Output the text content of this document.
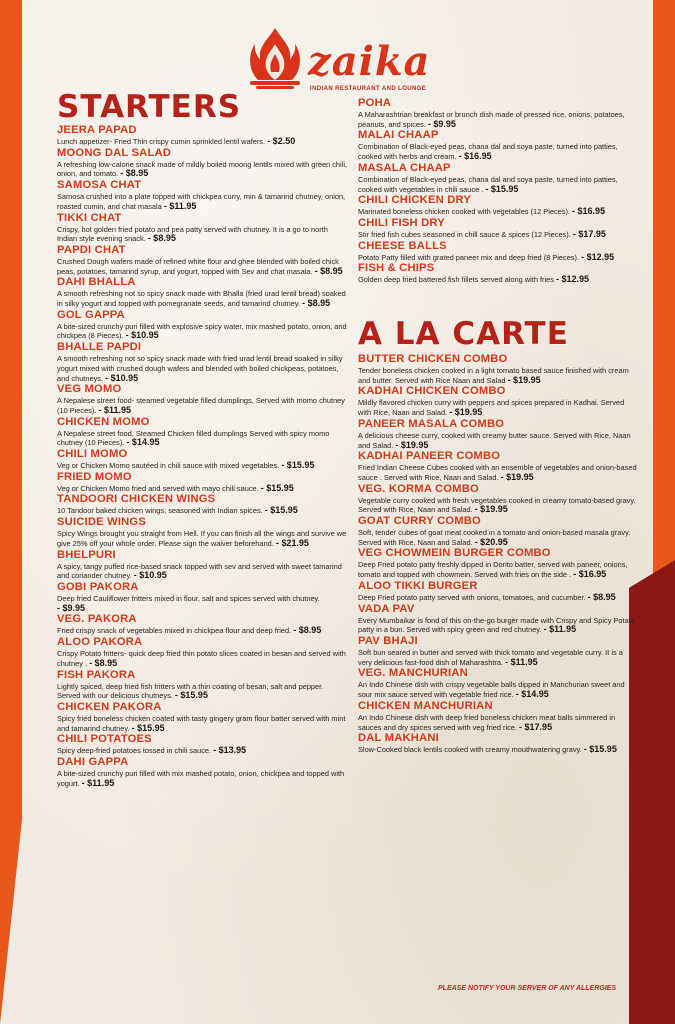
zaika
INDIAN RESTAURANT AND LOUNGE
STARTERS
JEERA PAPAD
Lunch appetizer- Fried Thin crispy cumin sprinkled lentil wafers. - $2.50
MOONG DAL SALAD
A refreshing low-calorie snack made of mildly boiled moong lentils mixed with green chili, onion, and tomato. - $8.95
SAMOSA CHAT
Samosa crushed into a plate topped with chickpea curry, min & tamarind chutney, onion, roasted cumin, and chat masala - $11.95
TIKKI CHAT
Crispy, hot golden fried potato and pea patty served with chutney. It is a go to north Indian style evening snack. - $8.95
PAPDI CHAT
Crushed Dough wafers made of refined white flour and ghee blended with boiled chick peas, potatoes, tamarind syrup, and yogurt, topped with Sev and chat masala. - $8.95
DAHI BHALLA
A smooth refreshing not so spicy snack made with Bhalla (fried urad lentil bread) soaked in silky yogurt and topped with pomegranate seeds, and tamarind chutney. - $8.95
GOL GAPPA
A bite-sized crunchy puri filled with explosive spicy water, mix mashed potato, onion, and chickpea (8 Pieces). - $10.95
BHALLE PAPDI
A smooth refreshing not so spicy snack made with fried urad lentil bread soaked in silky yogurt mixed with crushed dough wafers and blended with boiled chickpeas, potatoes, and chutneys. - $10.95
VEG MOMO
A Nepalese street food- steamed vegetable filled dumplings, Served with momo chutney (10 Pieces). - $11.95
CHICKEN MOMO
A Nepalese street food, Steamed Chicken filled dumplings Served with spicy momo chutney (10 Pieces). - $14.95
CHILI MOMO
Veg or Chicken Momo sautéed in chili sauce with mixed vegetables. - $15.95
FRIED MOMO
Veg or Chicken Momo fried and served with mayo chili sauce. - $15.95
TANDOORI CHICKEN WINGS
10 Tandoor baked chicken wings, seasoned with Indian spices. - $15.95
SUICIDE WINGS
Spicy Wings brought you straight from Hell. If you can finish all the wings and survive we give 25% off your whole order. Please sign the waiver beforehand. - $21.95
BHELPURI
A spicy, tangy puffed rice-based snack topped with sev and served with sweet tamarind and coriander chutney. - $10.95
GOBI PAKORA
Deep fried Cauliflower fritters mixed in flour, salt and spices served with chutney. - $9.95
VEG. PAKORA
Fried crispy snack of vegetables mixed in chickpea flour and deep fried. - $8.95
ALOO PAKORA
Crispy Potato fritters- quick deep fried thin potato slices coated in besan and served with chutney . - $8.95
FISH PAKORA
Lightly spiced, deep fried fish fritters with a thin coating of besan, salt and pepper. Served with our delicious chutneys. - $15.95
CHICKEN PAKORA
Spicy fried boneless chicken coated with tasty gingery gram flour batter served with mint and tamarind chutney. - $15.95
CHILI POTATOES
Spicy deep-fried potatoes tossed in chili sauce. - $13.95
DAHI GAPPA
A bite-sized crunchy puri filled with mix mashed potato, onion, chickpea and topped with yogurt. - $11.95
POHA
A Maharashtrian breakfast or brunch dish made of pressed rice, onions, potatoes, peanuts, and spices. - $9.95
MALAI CHAAP
Combination of Black-eyed peas, chana dal and soya paste, turned into patties, cooked with herbs and cream. - $16.95
MASALA CHAAP
Combination of Black-eyed peas, chana dal and soya paste, turned into patties, cooked with vegetables in chili sauce . - $15.95
CHILI CHICKEN DRY
Marinated boneless chicken cooked with vegetables (12 Pieces). - $16.95
CHILI FISH DRY
Stir fried fish cubes seasoned in chill sauce & spices (12 Pieces). - $17.95
CHEESE BALLS
Potato Patty filled with grated paneer mix and deep fried (8 Pieces). - $12.95
FISH & CHIPS
Golden deep fried battered fish fillets served along with fries - $12.95
A LA CARTE
BUTTER CHICKEN COMBO
Tender boneless chicken cooked in a light tomato based sauce finished with cream and butter. Served with Rice Naan and Salad - $19.95
KADHAI CHICKEN COMBO
Mildly flavored chicken curry with peppers and spices prepared in Kadhai. Served with Rice, Naan and Salad. - $19.95
PANEER MASALA COMBO
A delicious cheese curry, cooked with creamy butter sauce. Served with Rice, Naan and Salad. - $19.95
KADHAI PANEER COMBO
Fried Indian Cheese Cubes cooked with an ensemble of vegetables and onion-based sauce . Served with Rice, Naan and Salad. - $19.95
VEG. KORMA COMBO
Vegetable curry cooked with fresh vegetables cooked in creamy tomato-based gravy. Served with Rice, Naan and Salad. - $19.95
GOAT CURRY COMBO
Soft, tender cubes of goat meat cooked in a tomato and onion-based masala gravy. Served with Rice, Naan and Salad. - $20.95
VEG CHOWMEIN BURGER COMBO
Deep Fried potato patty freshly dipped in Dorito batter, served with paneer, onions, tomato and topped with chowmein. Served with fries on the side . - $16.95
ALOO TIKKI BURGER
Deep Fried potato patty served with onions, tomatoes, and cucumber. - $8.95
VADA PAV
Every Mumbaikar is fond of this on-the-go burger made with Crispy and Spicy Potato patty in a bun. Served with spicy green and red chutney. - $11.95
PAV BHAJI
Soft bun seared in butter and served with thick tomato and vegetable curry. It is a very delicious fast-food dish of Maharashtra. - $11.95
VEG. MANCHURIAN
An Indo Chinese dish with crispy vegetable balls dipped in Manchurian sweet and sour mix sauce served with vegetable fried rice. - $14.95
CHICKEN MANCHURIAN
An Indo Chinese dish with deep fried boneless chicken meat balls simmered in sauces and dry spices served with veg fried rice. - $17.95
DAL MAKHANI
Slow-Cooked black lentils cooked with creamy mouthwatering gravy. - $15.95
PLEASE NOTIFY YOUR SERVER OF ANY ALLERGIES
